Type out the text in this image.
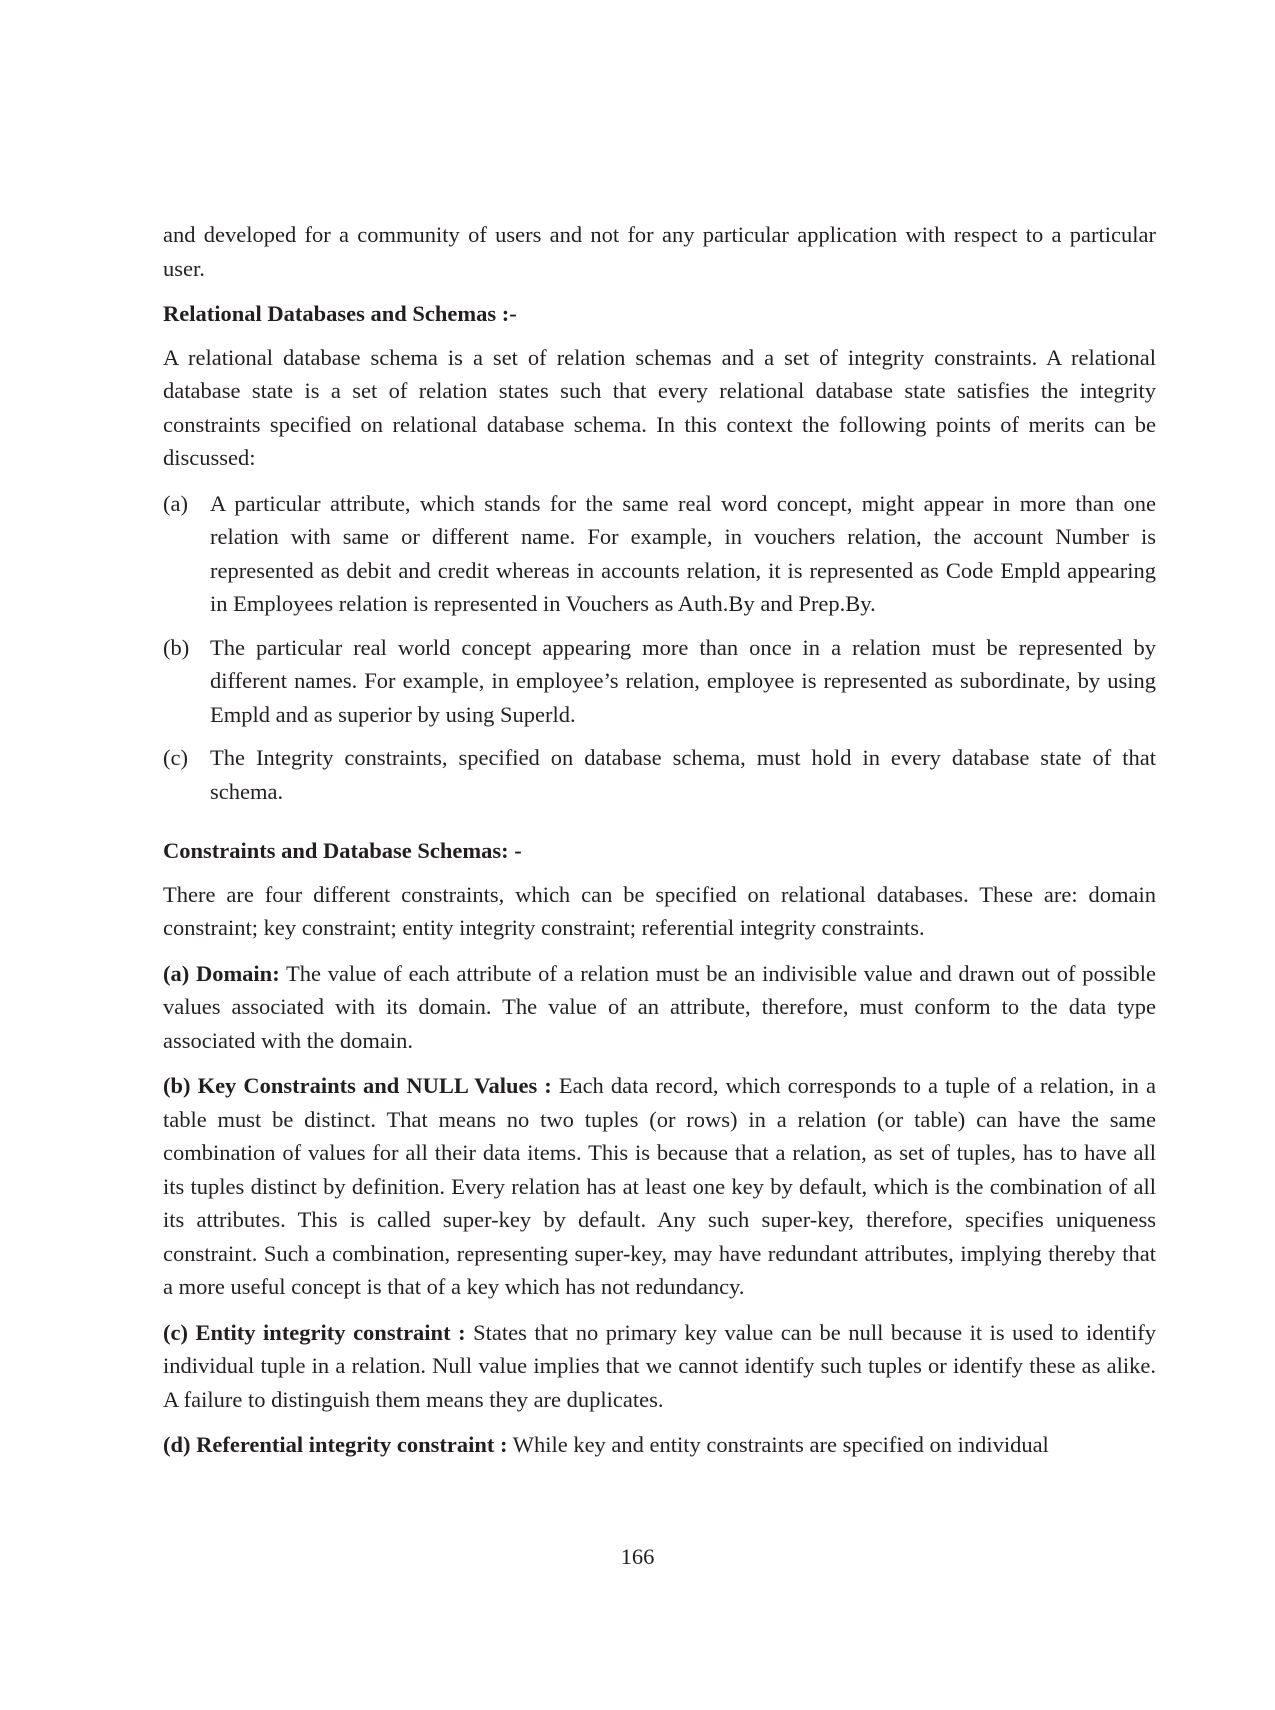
and developed for a community of users and not for any particular application with respect to a particular user.

Relational Databases and Schemas :-

A relational database schema is a set of relation schemas and a set of integrity constraints. A relational database state is a set of relation states such that every relational database state satisfies the integrity constraints specified on relational database schema. In this context the following points of merits can be discussed:

(a) A particular attribute, which stands for the same real word concept, might appear in more than one relation with same or different name. For example, in vouchers relation, the account Number is represented as debit and credit whereas in accounts relation, it is represented as Code Empld appearing in Employees relation is represented in Vouchers as Auth.By and Prep.By.
(b) The particular real world concept appearing more than once in a relation must be represented by different names. For example, in employee’s relation, employee is represented as subordinate, by using Empld and as superior by using Superld.
(c) The Integrity constraints, specified on database schema, must hold in every database state of that schema.

Constraints and Database Schemas: -

There are four different constraints, which can be specified on relational databases. These are: domain constraint; key constraint; entity integrity constraint; referential integrity constraints.

(a) Domain: The value of each attribute of a relation must be an indivisible value and drawn out of possible values associated with its domain. The value of an attribute, therefore, must conform to the data type associated with the domain.

(b) Key Constraints and NULL Values : Each data record, which corresponds to a tuple of a relation, in a table must be distinct. That means no two tuples (or rows) in a relation (or table) can have the same combination of values for all their data items. This is because that a relation, as set of tuples, has to have all its tuples distinct by definition. Every relation has at least one key by default, which is the combination of all its attributes. This is called super-key by default. Any such super-key, therefore, specifies uniqueness constraint. Such a combination, representing super-key, may have redundant attributes, implying thereby that a more useful concept is that of a key which has not redundancy.

(c) Entity integrity constraint : States that no primary key value can be null because it is used to identify individual tuple in a relation. Null value implies that we cannot identify such tuples or identify these as alike. A failure to distinguish them means they are duplicates.

(d) Referential integrity constraint : While key and entity constraints are specified on individual

166
